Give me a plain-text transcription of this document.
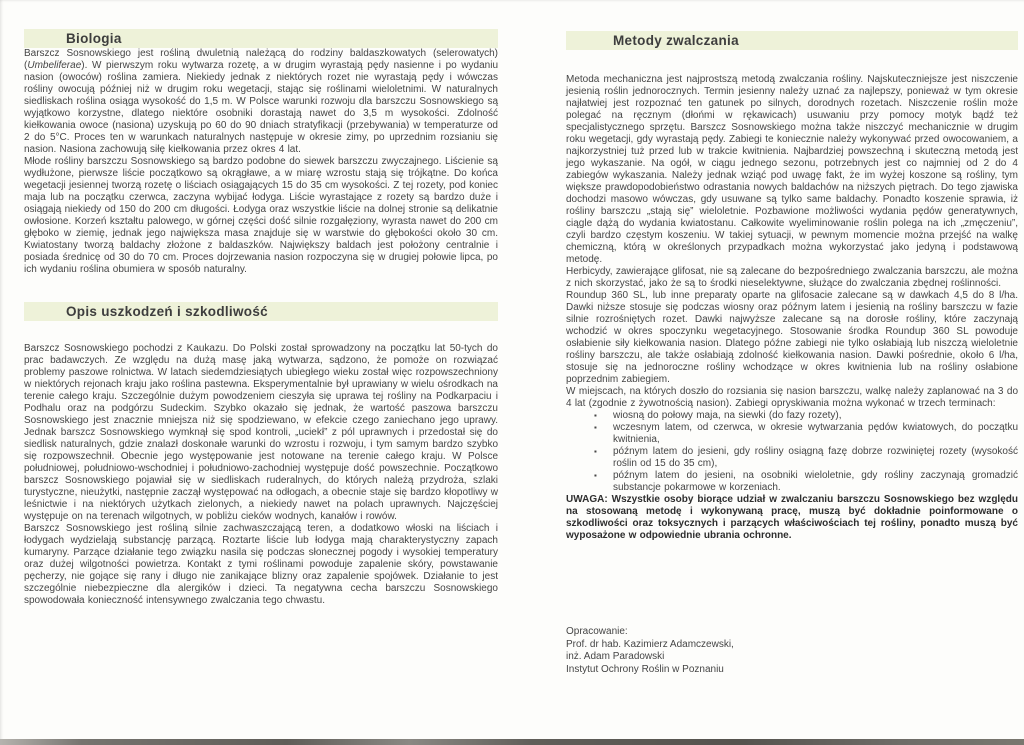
Biologia

Barszcz Sosnowskiego jest rośliną dwuletnią należącą do rodziny baldaszkowatych (selerowatych) (Umbeliferae). W pierwszym roku wytwarza rozetę, a w drugim wyrastają pędy nasienne i po wydaniu nasion (owoców) roślina zamiera. Niekiedy jednak z niektórych rozet nie wyrastają pędy i wówczas rośliny owocują później niż w drugim roku wegetacji, stając się roślinami wieloletnimi. W naturalnych siedliskach roślina osiąga wysokość do 1,5 m. W Polsce warunki rozwoju dla barszczu Sosnowskiego są wyjątkowo korzystne, dlatego niektóre osobniki dorastają nawet do 3,5 m wysokości. Zdolność kiełkowania owoce (nasiona) uzyskują po 60 do 90 dniach stratyfikacji (przebywania) w temperaturze od 2 do 5°C. Proces ten w warunkach naturalnych następuje w okresie zimy, po uprzednim rozsianiu się nasion. Nasiona zachowują siłę kiełkowania przez okres 4 lat.

Młode rośliny barszczu Sosnowskiego są bardzo podobne do siewek barszczu zwyczajnego. Liścienie są wydłużone, pierwsze liście początkowo są okrągławe, a w miarę wzrostu stają się trójkątne. Do końca wegetacji jesiennej tworzą rozetę o liściach osiągających 15 do 35 cm wysokości. Z tej rozety, pod koniec maja lub na początku czerwca, zaczyna wybijać łodyga. Liście wyrastające z rozety są bardzo duże i osiągają niekiedy od 150 do 200 cm długości. Łodyga oraz wszystkie liście na dolnej stronie są delikatnie owłosione. Korzeń kształtu palowego, w górnej części dość silnie rozgałęziony, wyrasta nawet do 200 cm głęboko w ziemię, jednak jego największa masa znajduje się w warstwie do głębokości około 30 cm. Kwiatostany tworzą baldachy złożone z baldaszków. Największy baldach jest położony centralnie i posiada średnicę od 30 do 70 cm. Proces dojrzewania nasion rozpoczyna się w drugiej połowie lipca, po ich wydaniu roślina obumiera w sposób naturalny.

Opis uszkodzeń i szkodliwość

Barszcz Sosnowskiego pochodzi z Kaukazu. Do Polski został sprowadzony na początku lat 50-tych do prac badawczych. Ze względu na dużą masę jaką wytwarza, sądzono, że pomoże on rozwiązać problemy paszowe rolnictwa. W latach siedemdziesiątych ubiegłego wieku został więc rozpowszechniony w niektórych rejonach kraju jako roślina pastewna. Eksperymentalnie był uprawiany w wielu ośrodkach na terenie całego kraju. Szczególnie dużym powodzeniem cieszyła się uprawa tej rośliny na Podkarpaciu i Podhalu oraz na podgórzu Sudeckim. Szybko okazało się jednak, że wartość paszowa barszczu Sosnowskiego jest znacznie mniejsza niż się spodziewano, w efekcie czego zaniechano jego uprawy. Jednak barszcz Sosnowskiego wymknął się spod kontroli, „uciekł” z pól uprawnych i przedostał się do siedlisk naturalnych, gdzie znalazł doskonałe warunki do wzrostu i rozwoju, i tym samym bardzo szybko się rozpowszechnił. Obecnie jego występowanie jest notowane na terenie całego kraju. W Polsce południowej, południowo-wschodniej i południowo-zachodniej występuje dość powszechnie. Początkowo barszcz Sosnowskiego pojawiał się w siedliskach ruderalnych, do których należą przydroża, szlaki turystyczne, nieużytki, następnie zaczął występować na odłogach, a obecnie staje się bardzo kłopotliwy w leśnictwie i na niektórych użytkach zielonych, a niekiedy nawet na polach uprawnych. Najczęściej występuje on na terenach wilgotnych, w pobliżu cieków wodnych, kanałów i rowów.

Barszcz Sosnowskiego jest rośliną silnie zachwaszczającą teren, a dodatkowo włoski na liściach i łodygach wydzielają substancję parzącą. Roztarte liście lub łodyga mają charakterystyczny zapach kumaryny. Parzące działanie tego związku nasila się podczas słonecznej pogody i wysokiej temperatury oraz dużej wilgotności powietrza. Kontakt z tymi roślinami powoduje zapalenie skóry, powstawanie pęcherzy, nie gojące się rany i długo nie zanikające blizny oraz zapalenie spojówek. Działanie to jest szczególnie niebezpieczne dla alergików i dzieci. Ta negatywna cecha barszczu Sosnowskiego spowodowała konieczność intensywnego zwalczania tego chwastu.

Metody zwalczania

Metoda mechaniczna jest najprostszą metodą zwalczania rośliny. Najskuteczniejsze jest niszczenie jesienią roślin jednorocznych. Termin jesienny należy uznać za najlepszy, ponieważ w tym okresie najłatwiej jest rozpoznać ten gatunek po silnych, dorodnych rozetach. Niszczenie roślin może polegać na ręcznym (dłońmi w rękawicach) usuwaniu przy pomocy motyk bądź też specjalistycznego sprzętu. Barszcz Sosnowskiego można także niszczyć mechanicznie w drugim roku wegetacji, gdy wyrastają pędy. Zabiegi te koniecznie należy wykonywać przed owocowaniem, a najkorzystniej tuż przed lub w trakcie kwitnienia. Najbardziej powszechną i skuteczną metodą jest jego wykaszanie. Na ogół, w ciągu jednego sezonu, potrzebnych jest co najmniej od 2 do 4 zabiegów wykaszania. Należy jednak wziąć pod uwagę fakt, że im wyżej koszone są rośliny, tym większe prawdopodobieństwo odrastania nowych baldachów na niższych piętrach. Do tego zjawiska dochodzi masowo wówczas, gdy usuwane są tylko same baldachy. Ponadto koszenie sprawia, iż rośliny barszczu „stają się” wieloletnie. Pozbawione możliwości wydania pędów generatywnych, ciągle dążą do wydania kwiatostanu. Całkowite wyeliminowanie roślin polega na ich „zmęczeniu”, czyli bardzo częstym koszeniu. W takiej sytuacji, w pewnym momencie można przejść na walkę chemiczną, którą w określonych przypadkach można wykorzystać jako jedyną i podstawową metodę.

Herbicydy, zawierające glifosat, nie są zalecane do bezpośredniego zwalczania barszczu, ale można z nich skorzystać, jako że są to środki nieselektywne, służące do zwalczania zbędnej roślinności.

Roundup 360 SL, lub inne preparaty oparte na glifosacie zalecane są w dawkach 4,5 do 8 l/ha. Dawki niższe stosuje się podczas wiosny oraz późnym latem i jesienią na rośliny barszczu w fazie silnie rozrośniętych rozet. Dawki najwyższe zalecane są na dorosłe rośliny, które zaczynają wchodzić w okres spoczynku wegetacyjnego. Stosowanie środka Roundup 360 SL powoduje osłabienie siły kiełkowania nasion. Dlatego późne zabiegi nie tylko osłabiają lub niszczą wieloletnie rośliny barszczu, ale także osłabiają zdolność kiełkowania nasion. Dawki pośrednie, około 6 l/ha, stosuje się na jednoroczne rośliny wchodzące w okres kwitnienia lub na rośliny osłabione poprzednim zabiegiem.

W miejscach, na których doszło do rozsiania się nasion barszczu, walkę należy zaplanować na 3 do 4 lat (zgodnie z żywotnością nasion). Zabiegi opryskiwania można wykonać w trzech terminach:

▪ wiosną do połowy maja, na siewki (do fazy rozety),
▪ wczesnym latem, od czerwca, w okresie wytwarzania pędów kwiatowych, do początku kwitnienia,
▪ późnym latem do jesieni, gdy rośliny osiągną fazę dobrze rozwiniętej rozety (wysokość roślin od 15 do 35 cm),
▪ późnym latem do jesieni, na osobniki wieloletnie, gdy rośliny zaczynają gromadzić substancje pokarmowe w korzeniach.

UWAGA: Wszystkie osoby biorące udział w zwalczaniu barszczu Sosnowskiego bez względu na stosowaną metodę i wykonywaną pracę, muszą być dokładnie poinformowane o szkodliwości oraz toksycznych i parzących właściwościach tej rośliny, ponadto muszą być wyposażone w odpowiednie ubrania ochronne.

Opracowanie:
Prof. dr hab. Kazimierz Adamczewski,
inż. Adam Paradowski
Instytut Ochrony Roślin w Poznaniu
